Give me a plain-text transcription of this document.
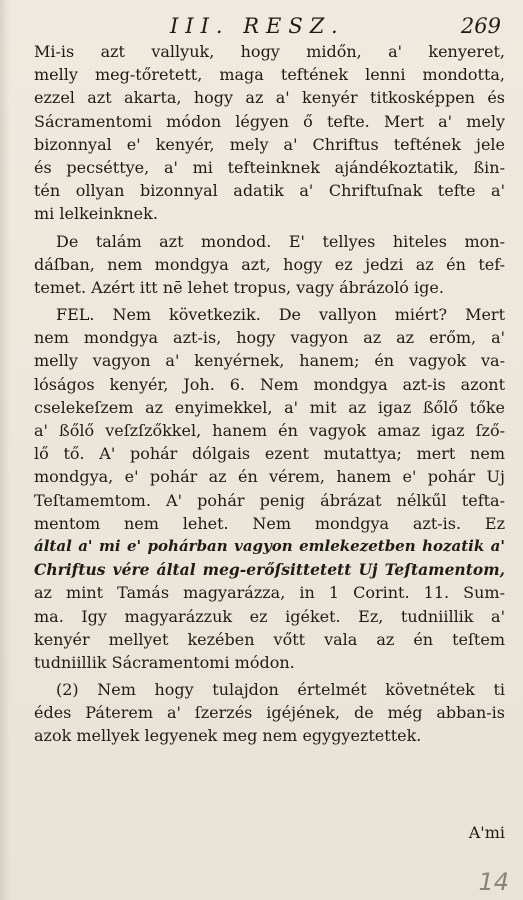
III. RESZ.	269

Mi-is azt vallyuk, hogy midőn, a' kenyeret,
melly meg-tőretett, maga teftének lenni mondotta,
ezzel azt akarta, hogy az a' kenyér titkosképpen és
Sácramentomi módon légyen ő tefte. Mert a' mely
bizonnyal e' kenyér, mely a' Chriftus teftének jele
és pecséttye, a' mi tefteinknek ajándékoztatik, ßin-
tén ollyan bizonnyal adatik a' Chriftuſnak tefte a'
mi lelkeinknek.

De talám azt mondod. E' tellyes hiteles mon-
dáſban, nem mondgya azt, hogy ez jedzi az én tef-
temet. Azért itt nē lehet tropus, vagy ábrázoló ige.

FEL. Nem következik. De vallyon miért? Mert
nem mondgya azt-is, hogy vagyon az az erőm, a'
melly vagyon a' kenyérnek, hanem; én vagyok va-
lóságos kenyér, Joh. 6. Nem mondgya azt-is azont
cselekeſzem az enyimekkel, a' mit az igaz ßőlő tőke
a' ßőlő veſzſzőkkel, hanem én vagyok amaz igaz ſző-
lő tő. A' pohár dólgais ezent mutattya; mert nem
mondgya, e' pohár az én vérem, hanem e' pohár Uj
Teſtamemtom. A' pohár penig ábrázat nélkűl tefta-
mentom nem lehet. Nem mondgya azt-is. Ez
által a' mi e' pohárban vagyon emlekezetben hozatik a'
Chriftus vére által meg-erőſsittetett Uj Teſtamentom,
az mint Tamás magyarázza, in 1 Corint. 11. Sum-
ma. Igy magyarázzuk ez igéket. Ez, tudniillik a'
kenyér mellyet kezében vőtt vala az én teſtem
tudniillik Sácramentomi módon.

(2) Nem hogy tulajdon értelmét követnétek ti
édes Páterem a' ſzerzés igéjének, de még abban-is
azok mellyek legyenek meg nem egygyeztettek.

A'mi
14
